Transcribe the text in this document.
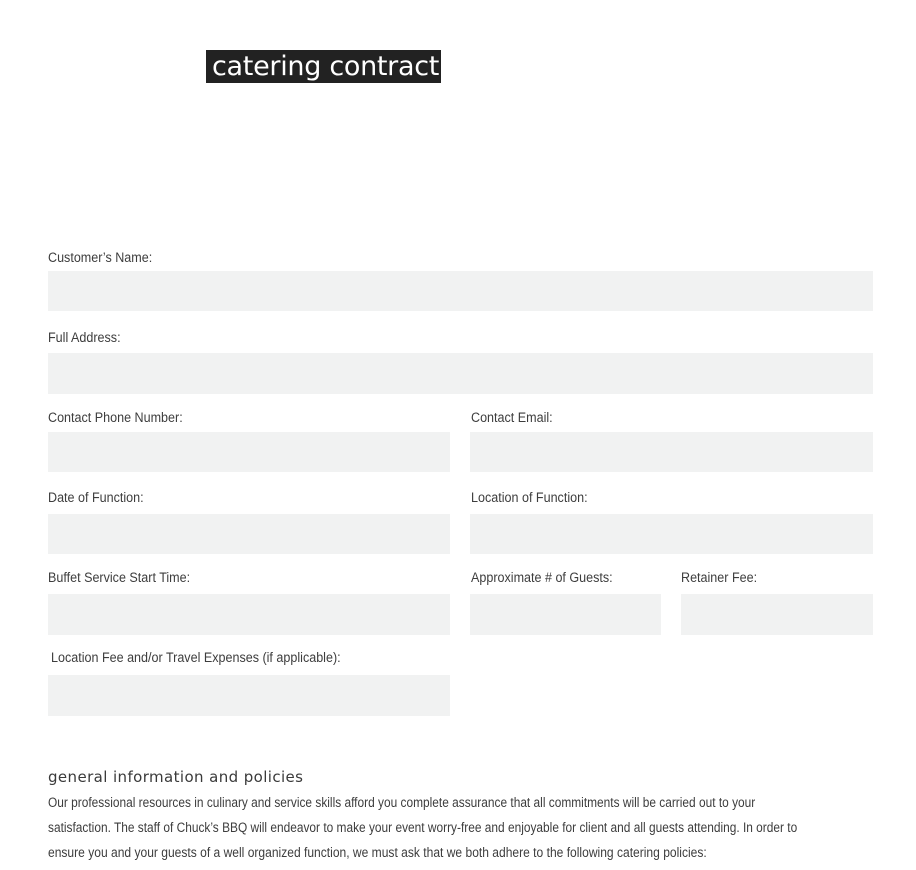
catering contract
Customer’s Name:
Full Address:
Contact Phone Number:	Contact Email:
Date of Function:	Location of Function:
Buffet Service Start Time:	Approximate # of Guests:	Retainer Fee:
Location Fee and/or Travel Expenses (if applicable):
general information and policies
Our professional resources in culinary and service skills afford you complete assurance that all commitments will be carried out to your
satisfaction. The staff of Chuck’s BBQ will endeavor to make your event worry-free and enjoyable for client and all guests attending. In order to
ensure you and your guests of a well organized function, we must ask that we both adhere to the following catering policies:
